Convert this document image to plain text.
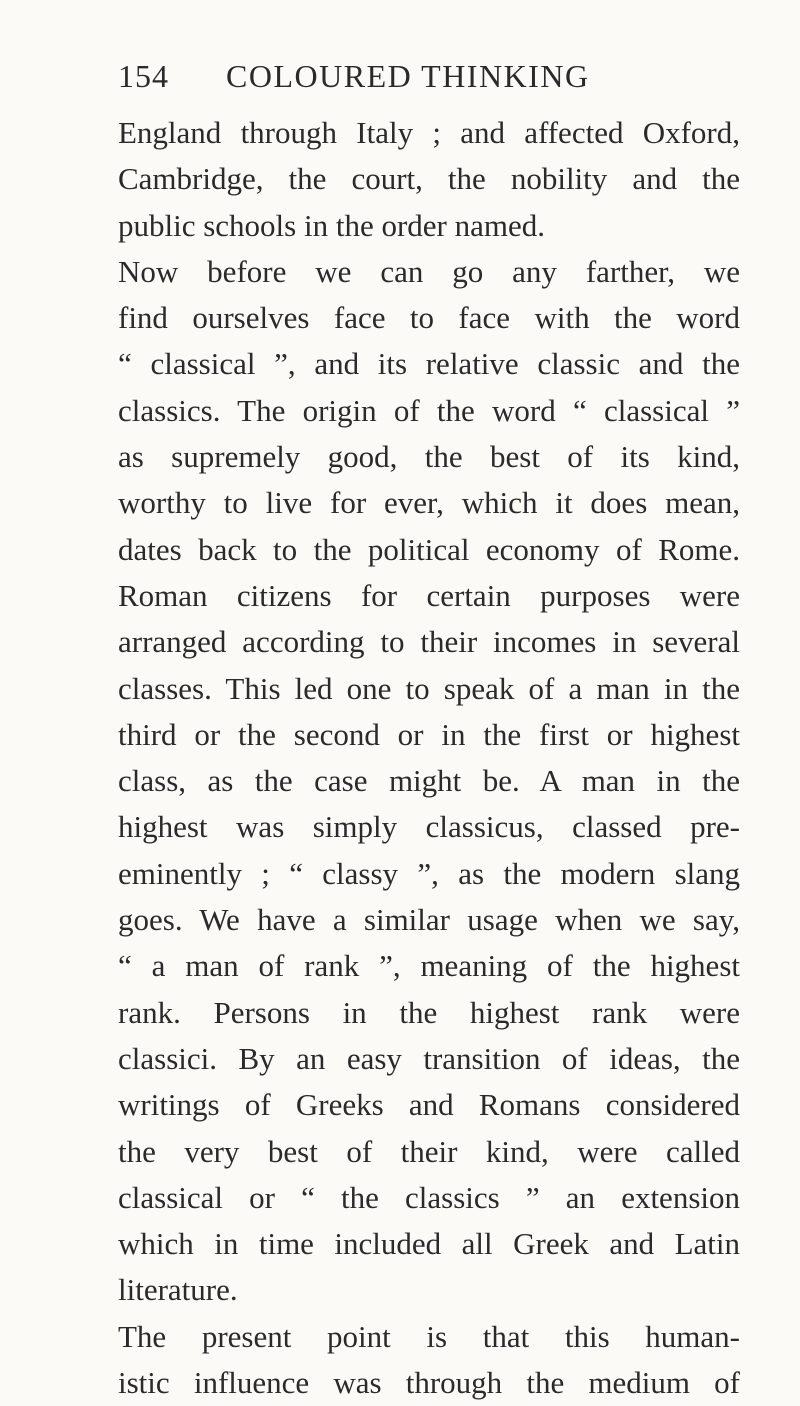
154 COLOURED THINKING
England through Italy ; and affected Oxford,
Cambridge, the court, the nobility and the
public schools in the order named.
Now before we can go any farther, we
find ourselves face to face with the word
“ classical ”, and its relative classic and the
classics. The origin of the word “ classical ”
as supremely good, the best of its kind,
worthy to live for ever, which it does mean,
dates back to the political economy of Rome.
Roman citizens for certain purposes were
arranged according to their incomes in several
classes. This led one to speak of a man in the
third or the second or in the first or highest
class, as the case might be. A man in the
highest was simply classicus, classed pre-
eminently ; “ classy ”, as the modern slang
goes. We have a similar usage when we say,
“ a man of rank ”, meaning of the highest
rank. Persons in the highest rank were
classici. By an easy transition of ideas, the
writings of Greeks and Romans considered
the very best of their kind, were called
classical or “ the classics ” an extension
which in time included all Greek and Latin
literature.
The present point is that this human-
istic influence was through the medium of
